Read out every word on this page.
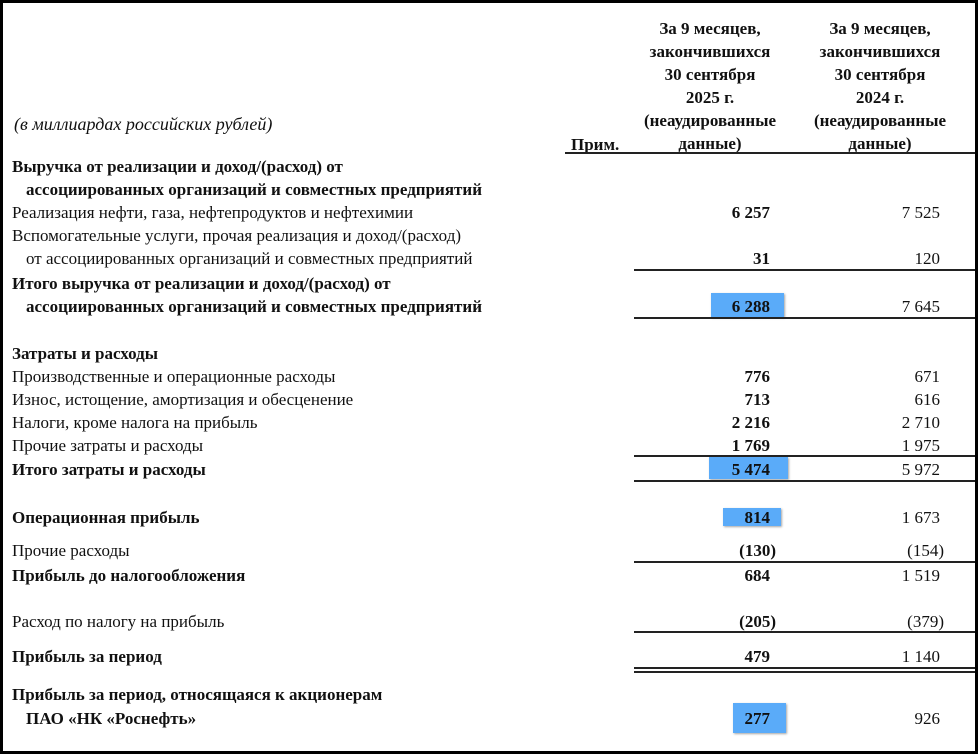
За 9 месяцев,
закончившихся
30 сентября
2025 г.
(неаудированные
данные)
За 9 месяцев,
закончившихся
30 сентября
2024 г.
(неаудированные
данные)
(в миллиардах российских рублей)
Прим.
Выручка от реализации и доход/(расход) от
ассоциированных организаций и совместных предприятий
Реализация нефти, газа, нефтепродуктов и нефтехимии	6 257	7 525
Вспомогательные услуги, прочая реализация и доход/(расход)
от ассоциированных организаций и совместных предприятий	31	120
Итого выручка от реализации и доход/(расход) от
ассоциированных организаций и совместных предприятий	6 288	7 645
Затраты и расходы
Производственные и операционные расходы	776	671
Износ, истощение, амортизация и обесценение	713	616
Налоги, кроме налога на прибыль	2 216	2 710
Прочие затраты и расходы	1 769	1 975
Итого затраты и расходы	5 474	5 972
Операционная прибыль	814	1 673
Прочие расходы	(130)	(154)
Прибыль до налогообложения	684	1 519
Расход по налогу на прибыль	(205)	(379)
Прибыль за период	479	1 140
Прибыль за период, относящаяся к акционерам
ПАО «НК «Роснефть»	277	926
